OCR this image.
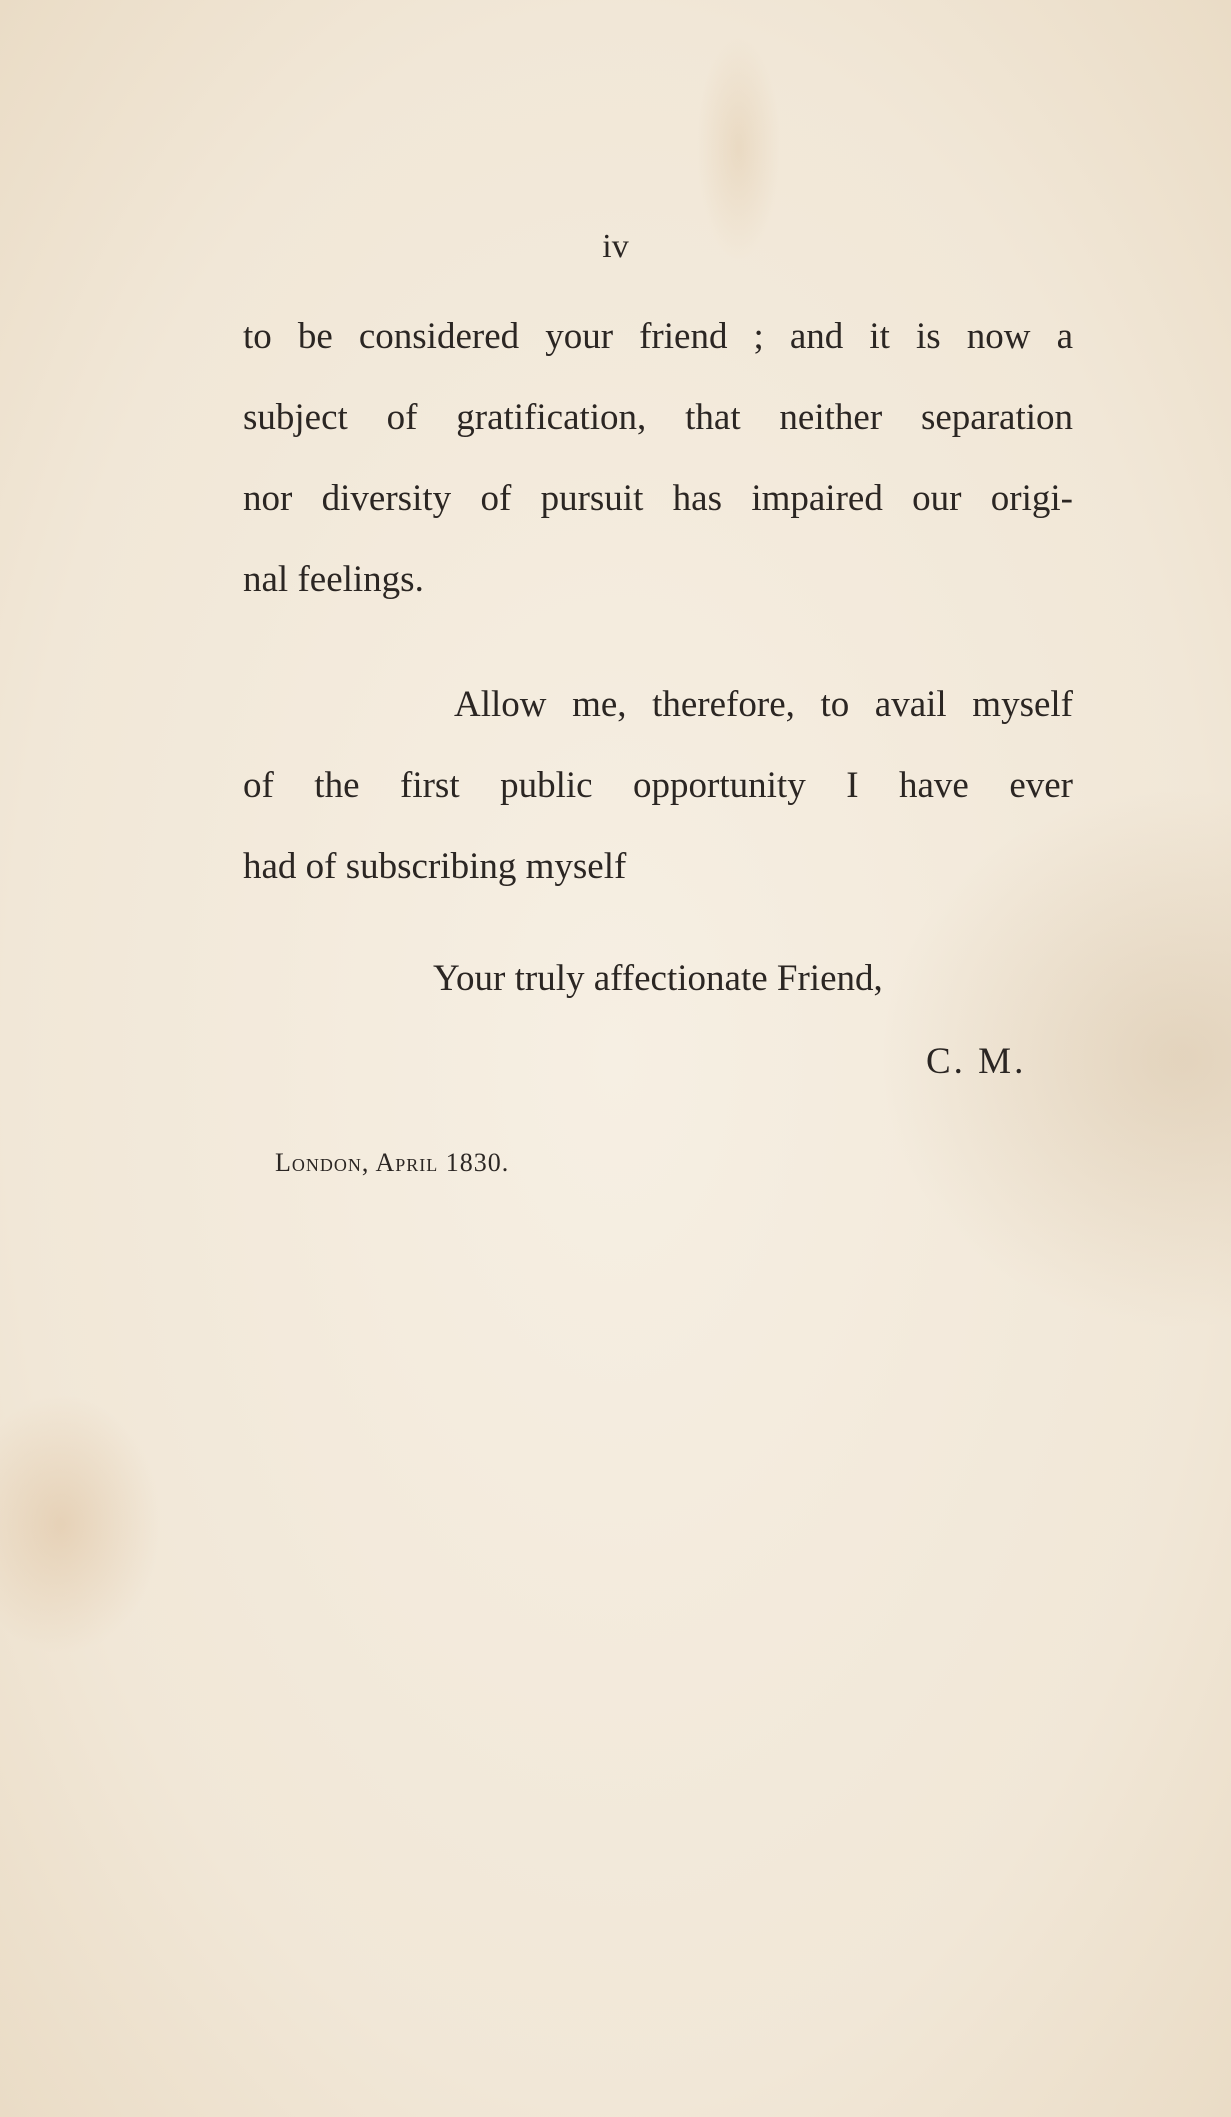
iv
to be considered your friend ; and it is now a
subject of gratification, that neither separation
nor diversity of pursuit has impaired our origi-
nal feelings.
Allow me, therefore, to avail myself
of the first public opportunity I have ever
had of subscribing myself
Your truly affectionate Friend,
C. M.
London, April 1830.
